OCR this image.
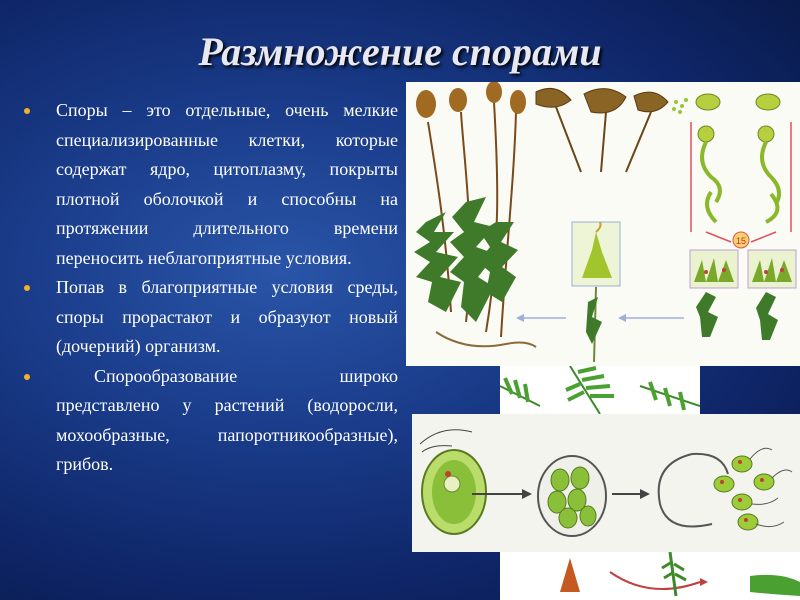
Размножение спорами
Споры – это отдельные, очень мелкие специализированные клетки, которые содержат ядро, цитоплазму, покрыты плотной оболочкой и способны на протяжении длительного времени переносить неблагоприятные условия.
Попав в благоприятные условия среды, споры прорастают и образуют новый (дочерний) организм.
Спорообразование широко представлено у растений (водоросли, мохообразные, папоротникообразные), грибов.
15
